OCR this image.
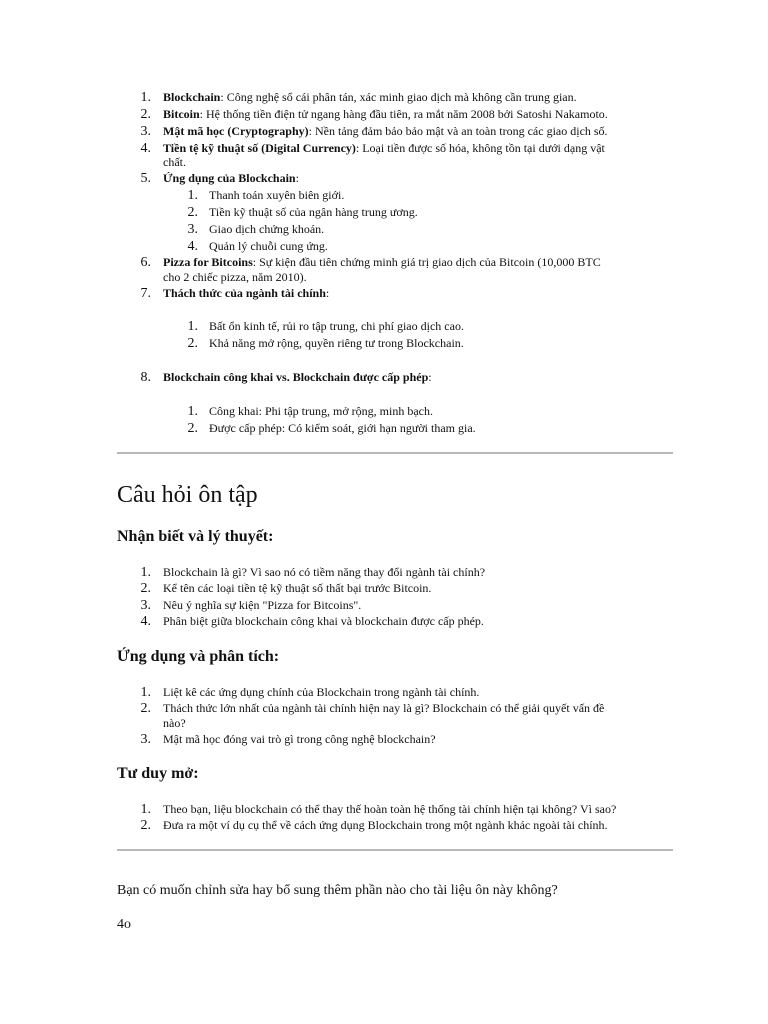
1. Blockchain: Công nghệ sổ cái phân tán, xác minh giao dịch mà không cần trung gian.
2. Bitcoin: Hệ thống tiền điện tử ngang hàng đầu tiên, ra mắt năm 2008 bởi Satoshi Nakamoto.
3. Mật mã học (Cryptography): Nền tảng đảm bảo bảo mật và an toàn trong các giao dịch số.
4. Tiền tệ kỹ thuật số (Digital Currency): Loại tiền được số hóa, không tồn tại dưới dạng vật
chất.
5. Ứng dụng của Blockchain:
1. Thanh toán xuyên biên giới.
2. Tiền kỹ thuật số của ngân hàng trung ương.
3. Giao dịch chứng khoán.
4. Quản lý chuỗi cung ứng.
6. Pizza for Bitcoins: Sự kiện đầu tiên chứng minh giá trị giao dịch của Bitcoin (10,000 BTC
cho 2 chiếc pizza, năm 2010).
7. Thách thức của ngành tài chính:
1. Bất ổn kinh tế, rủi ro tập trung, chi phí giao dịch cao.
2. Khả năng mở rộng, quyền riêng tư trong Blockchain.
8. Blockchain công khai vs. Blockchain được cấp phép:
1. Công khai: Phi tập trung, mở rộng, minh bạch.
2. Được cấp phép: Có kiểm soát, giới hạn người tham gia.
Câu hỏi ôn tập
Nhận biết và lý thuyết:
1. Blockchain là gì? Vì sao nó có tiềm năng thay đổi ngành tài chính?
2. Kể tên các loại tiền tệ kỹ thuật số thất bại trước Bitcoin.
3. Nêu ý nghĩa sự kiện "Pizza for Bitcoins".
4. Phân biệt giữa blockchain công khai và blockchain được cấp phép.
Ứng dụng và phân tích:
1. Liệt kê các ứng dụng chính của Blockchain trong ngành tài chính.
2. Thách thức lớn nhất của ngành tài chính hiện nay là gì? Blockchain có thể giải quyết vấn đề
nào?
3. Mật mã học đóng vai trò gì trong công nghệ blockchain?
Tư duy mở:
1. Theo bạn, liệu blockchain có thể thay thế hoàn toàn hệ thống tài chính hiện tại không? Vì sao?
2. Đưa ra một ví dụ cụ thể về cách ứng dụng Blockchain trong một ngành khác ngoài tài chính.
Bạn có muốn chỉnh sửa hay bổ sung thêm phần nào cho tài liệu ôn này không?
4o
